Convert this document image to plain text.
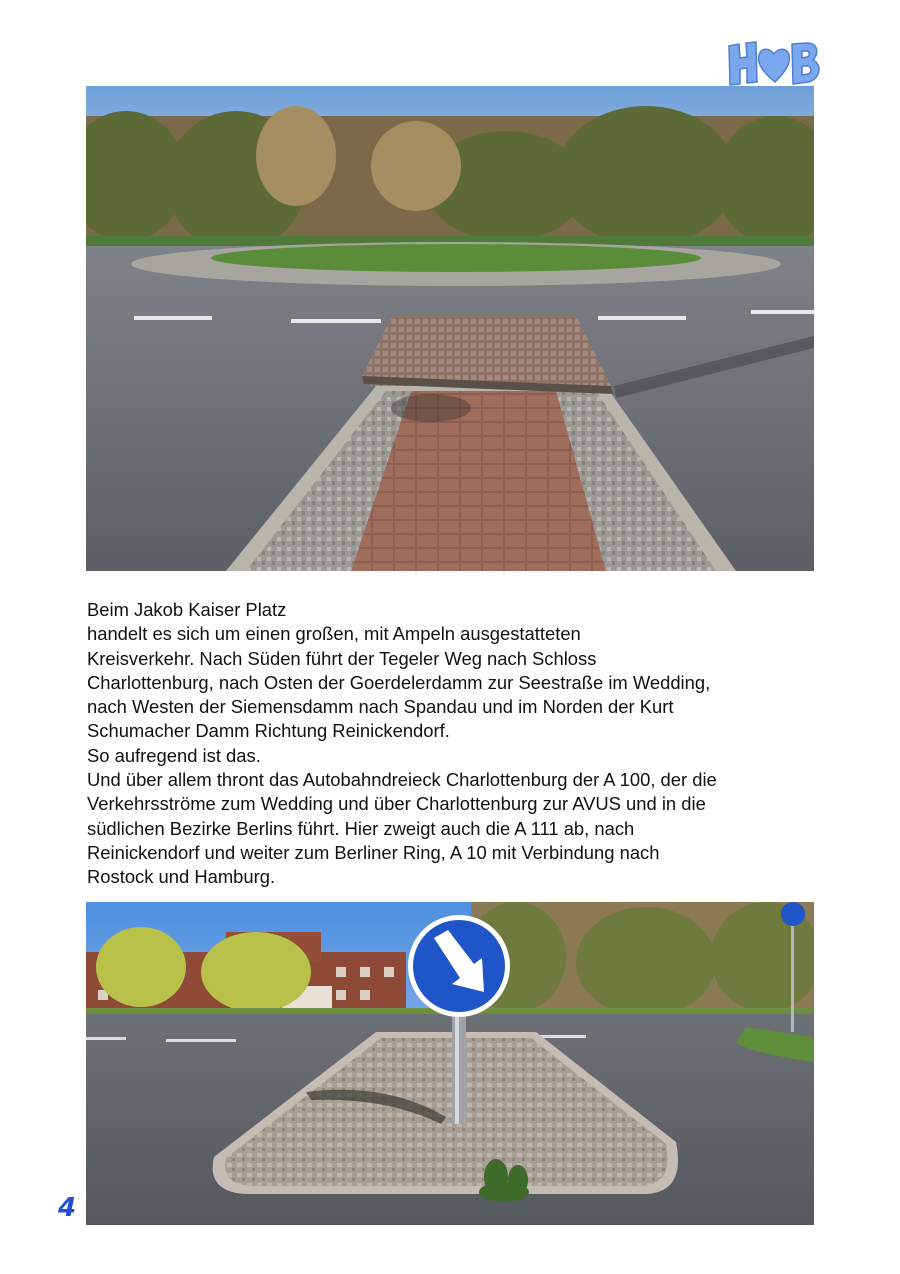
Beim Jakob Kaiser Platz
handelt es sich um einen großen, mit Ampeln ausgestatteten
Kreisverkehr. Nach Süden führt der Tegeler Weg nach Schloss
Charlottenburg, nach Osten der Goerdelerdamm zur Seestraße im Wedding,
nach Westen der Siemensdamm nach Spandau und im Norden der Kurt
Schumacher Damm Richtung Reinickendorf.
So aufregend ist das.
Und über allem thront das Autobahndreieck Charlottenburg der A 100, der die
Verkehrsströme zum Wedding und über Charlottenburg zur AVUS und in die
südlichen Bezirke Berlins führt. Hier zweigt auch die A 111 ab, nach
Reinickendorf und weiter zum Berliner Ring, A 10 mit Verbindung nach
Rostock und Hamburg.
4
